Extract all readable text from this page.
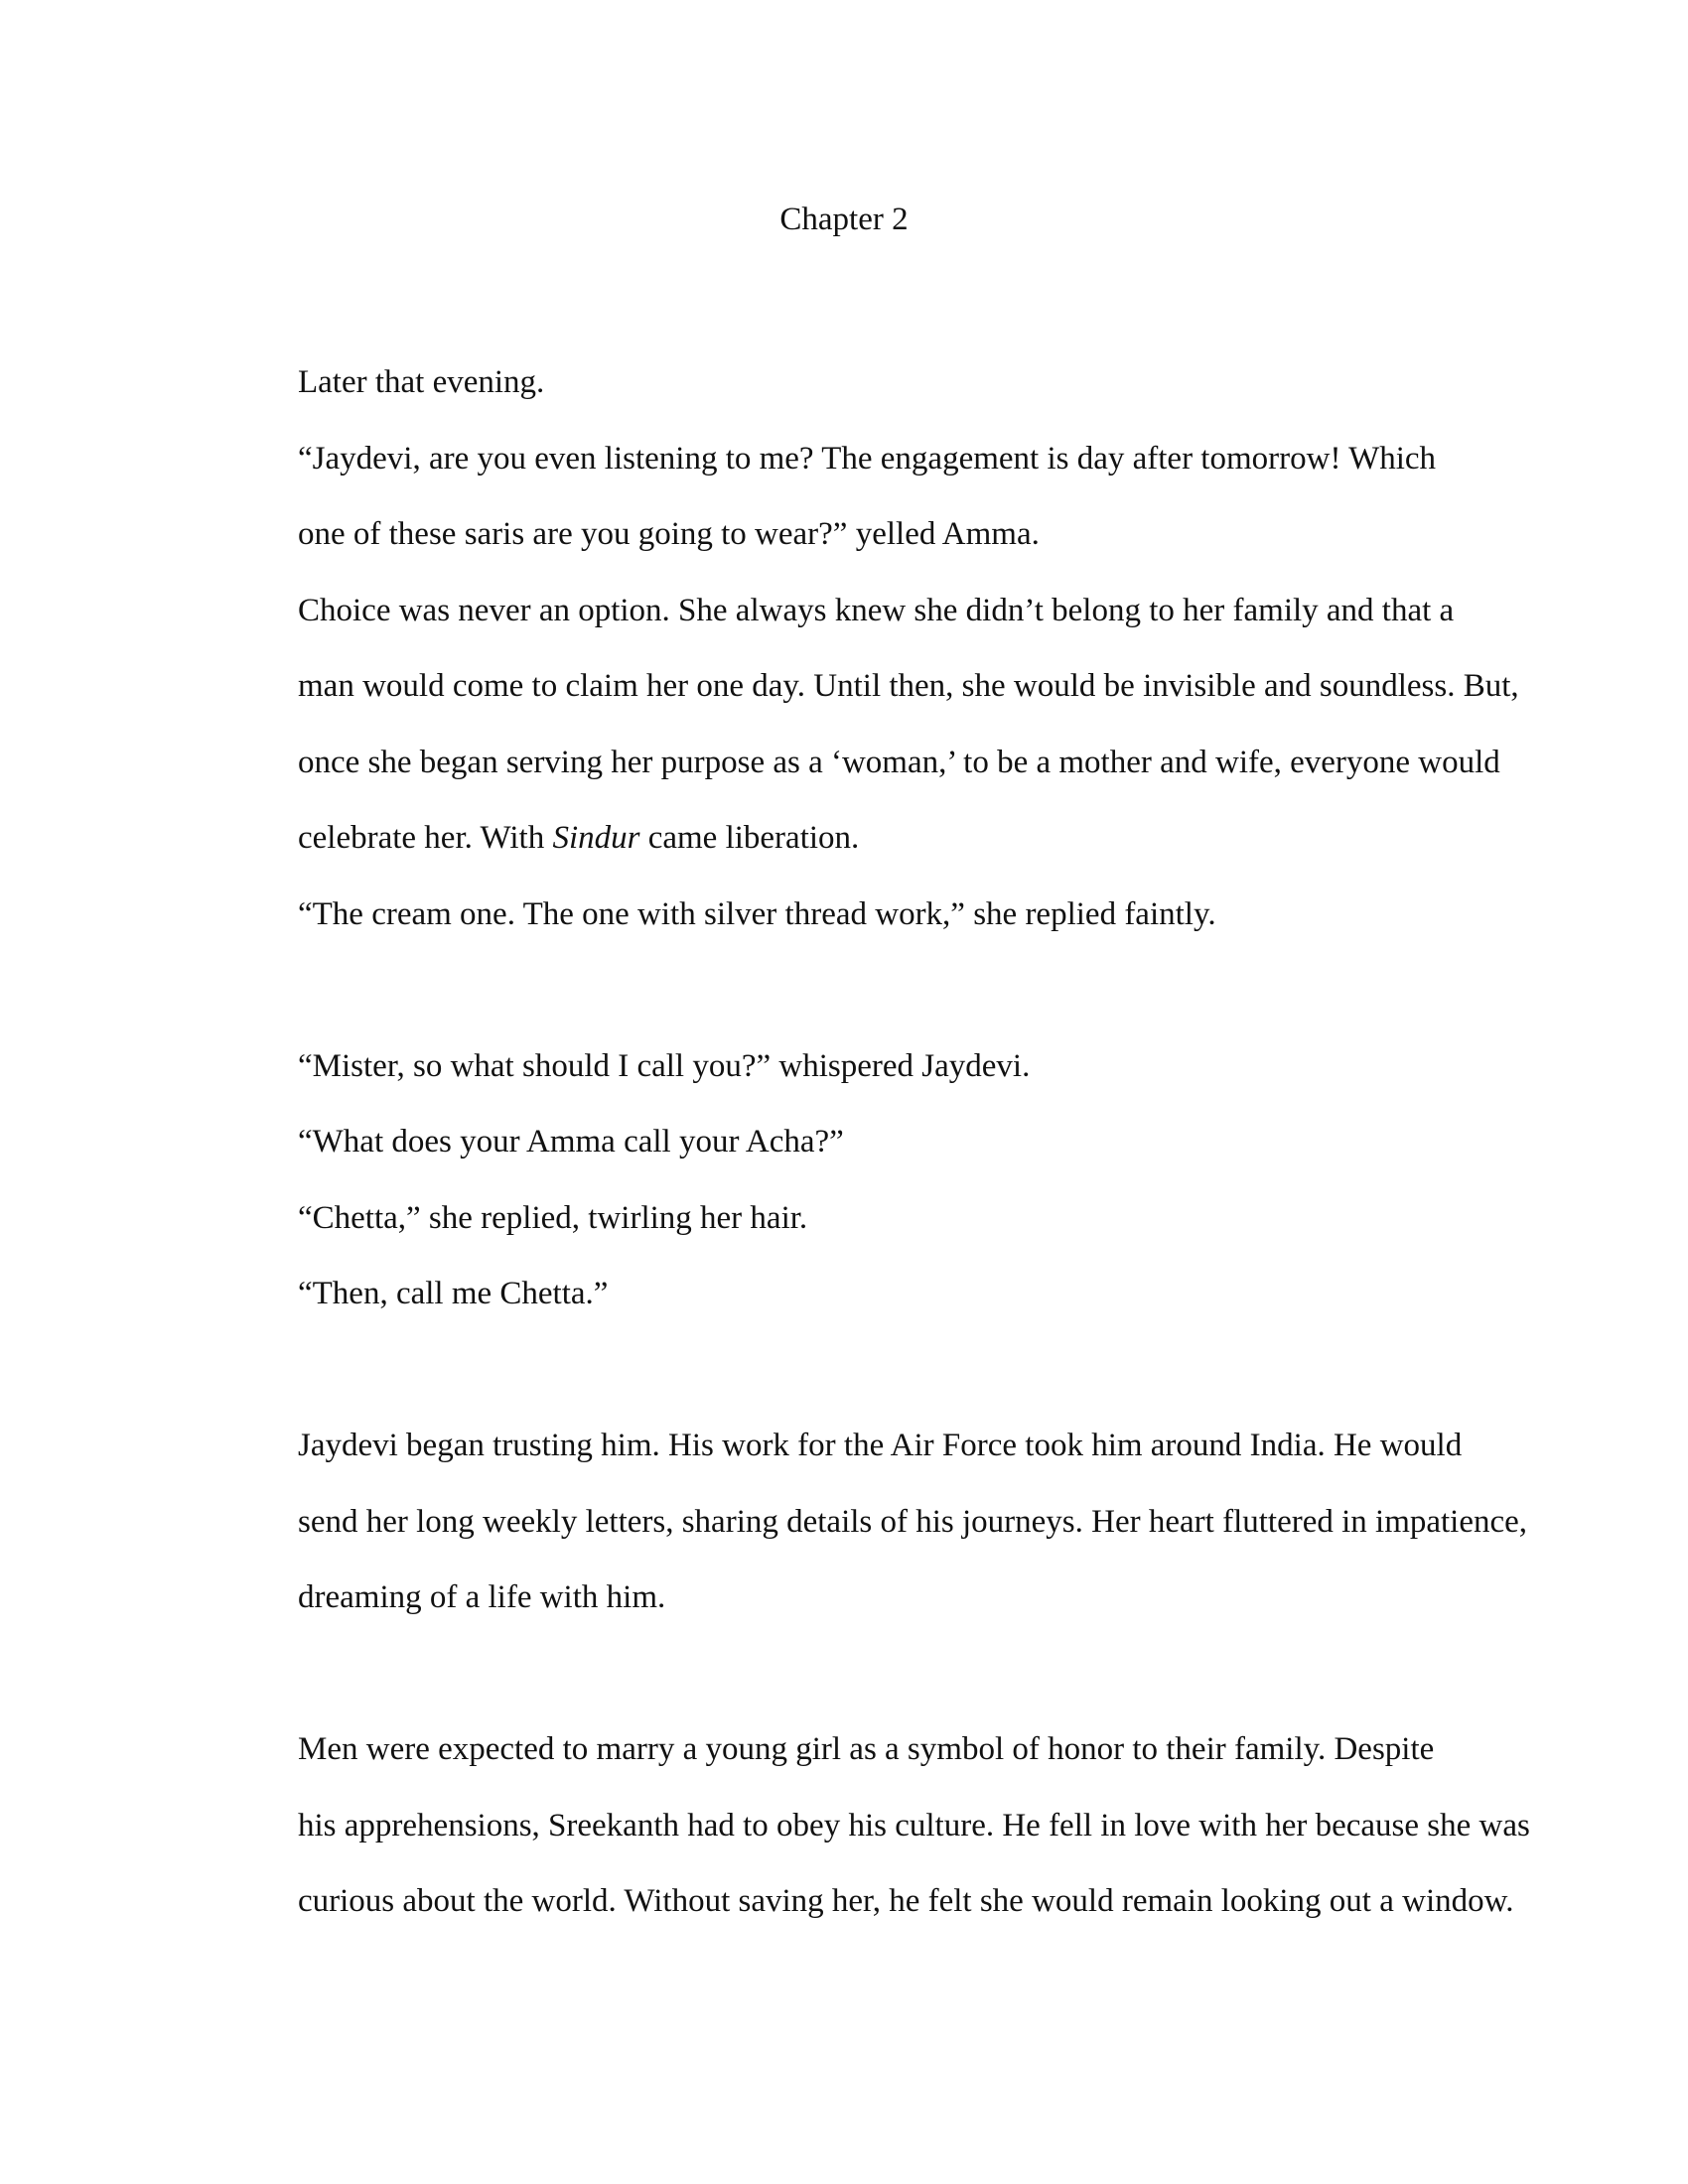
Chapter 2

Later that evening.

“Jaydevi, are you even listening to me? The engagement is day after tomorrow! Which
one of these saris are you going to wear?” yelled Amma.

Choice was never an option. She always knew she didn’t belong to her family and that a
man would come to claim her one day. Until then, she would be invisible and soundless. But,
once she began serving her purpose as a ‘woman,’ to be a mother and wife, everyone would
celebrate her. With Sindur came liberation.

“The cream one. The one with silver thread work,” she replied faintly.

“Mister, so what should I call you?” whispered Jaydevi.

“What does your Amma call your Acha?”

“Chetta,” she replied, twirling her hair.

“Then, call me Chetta.”

Jaydevi began trusting him. His work for the Air Force took him around India. He would
send her long weekly letters, sharing details of his journeys. Her heart fluttered in impatience,
dreaming of a life with him.

Men were expected to marry a young girl as a symbol of honor to their family. Despite
his apprehensions, Sreekanth had to obey his culture. He fell in love with her because she was
curious about the world. Without saving her, he felt she would remain looking out a window.
